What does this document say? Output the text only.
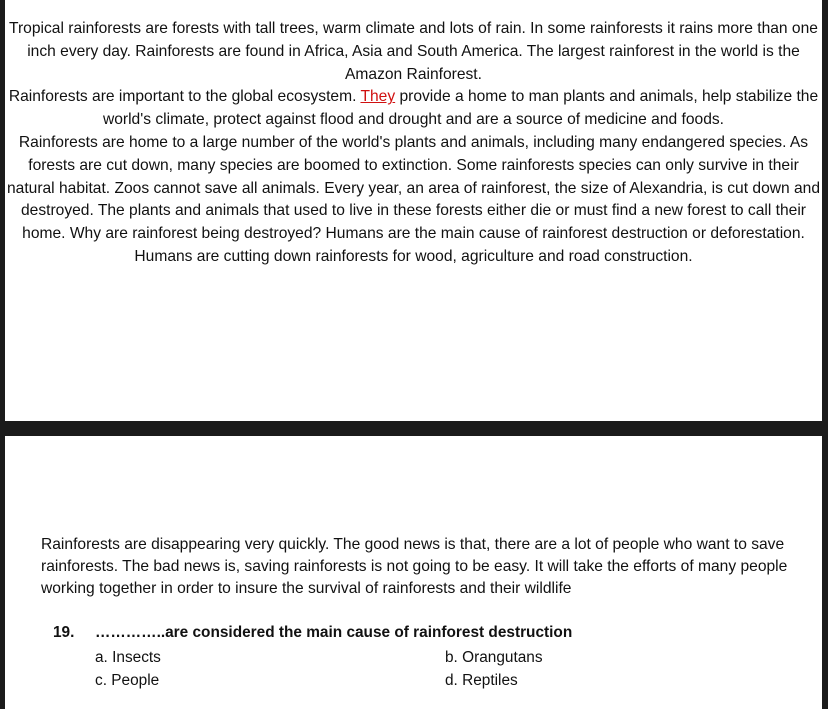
Tropical rainforests are forests with tall trees, warm climate and lots of rain. In some rainforests it rains more than one inch every day. Rainforests are found in Africa, Asia and South America. The largest rainforest in the world is the Amazon Rainforest.

Rainforests are important to the global ecosystem. They provide a home to man plants and animals, help stabilize the world's climate, protect against flood and drought and are a source of medicine and foods.

Rainforests are home to a large number of the world's plants and animals, including many endangered species. As forests are cut down, many species are boomed to extinction. Some rainforests species can only survive in their natural habitat. Zoos cannot save all animals. Every year, an area of rainforest, the size of Alexandria, is cut down and destroyed. The plants and animals that used to live in these forests either die or must find a new forest to call their home. Why are rainforest being destroyed? Humans are the main cause of rainforest destruction or deforestation. Humans are cutting down rainforests for wood, agriculture and road construction.

Rainforests are disappearing very quickly. The good news is that, there are a lot of people who want to save rainforests. The bad news is, saving rainforests is not going to be easy. It will take the efforts of many people working together in order to insure the survival of rainforests and their wildlife

19. …………..are considered the main cause of rainforest destruction
a. Insects	b. Orangutans
c. People	d. Reptiles
